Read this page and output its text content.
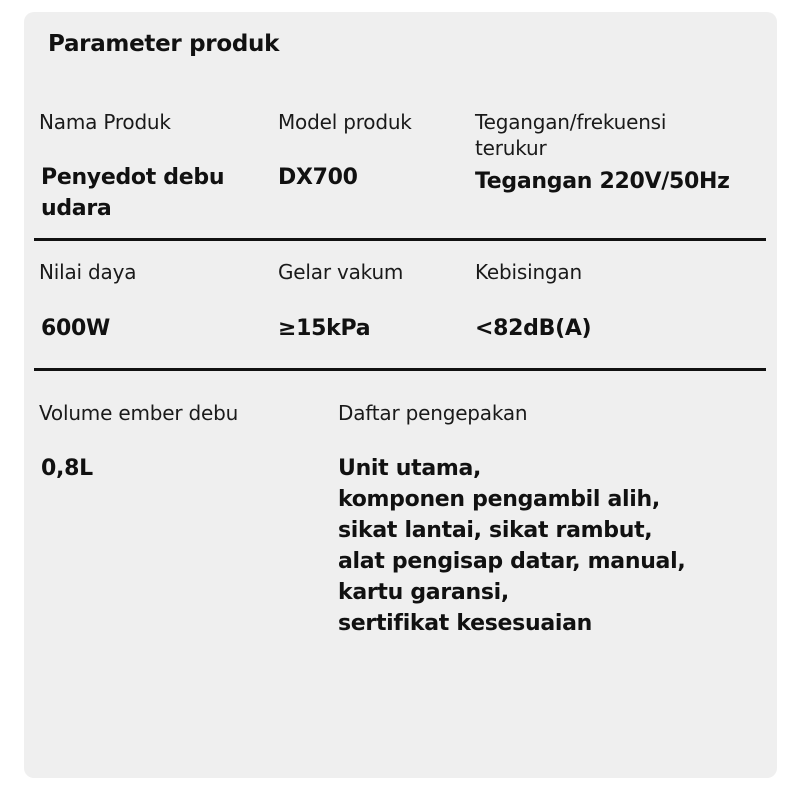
Parameter produk
Nama Produk
Penyedot debu udara
Model produk
DX700
Tegangan/frekuensi terukur
Tegangan 220V/50Hz
Nilai daya
600W
Gelar vakum
≥15kPa
Kebisingan
<82dB(A)
Volume ember debu
0,8L
Daftar pengepakan
Unit utama,
komponen pengambil alih,
sikat lantai, sikat rambut,
alat pengisap datar, manual,
kartu garansi,
sertifikat kesesuaian
